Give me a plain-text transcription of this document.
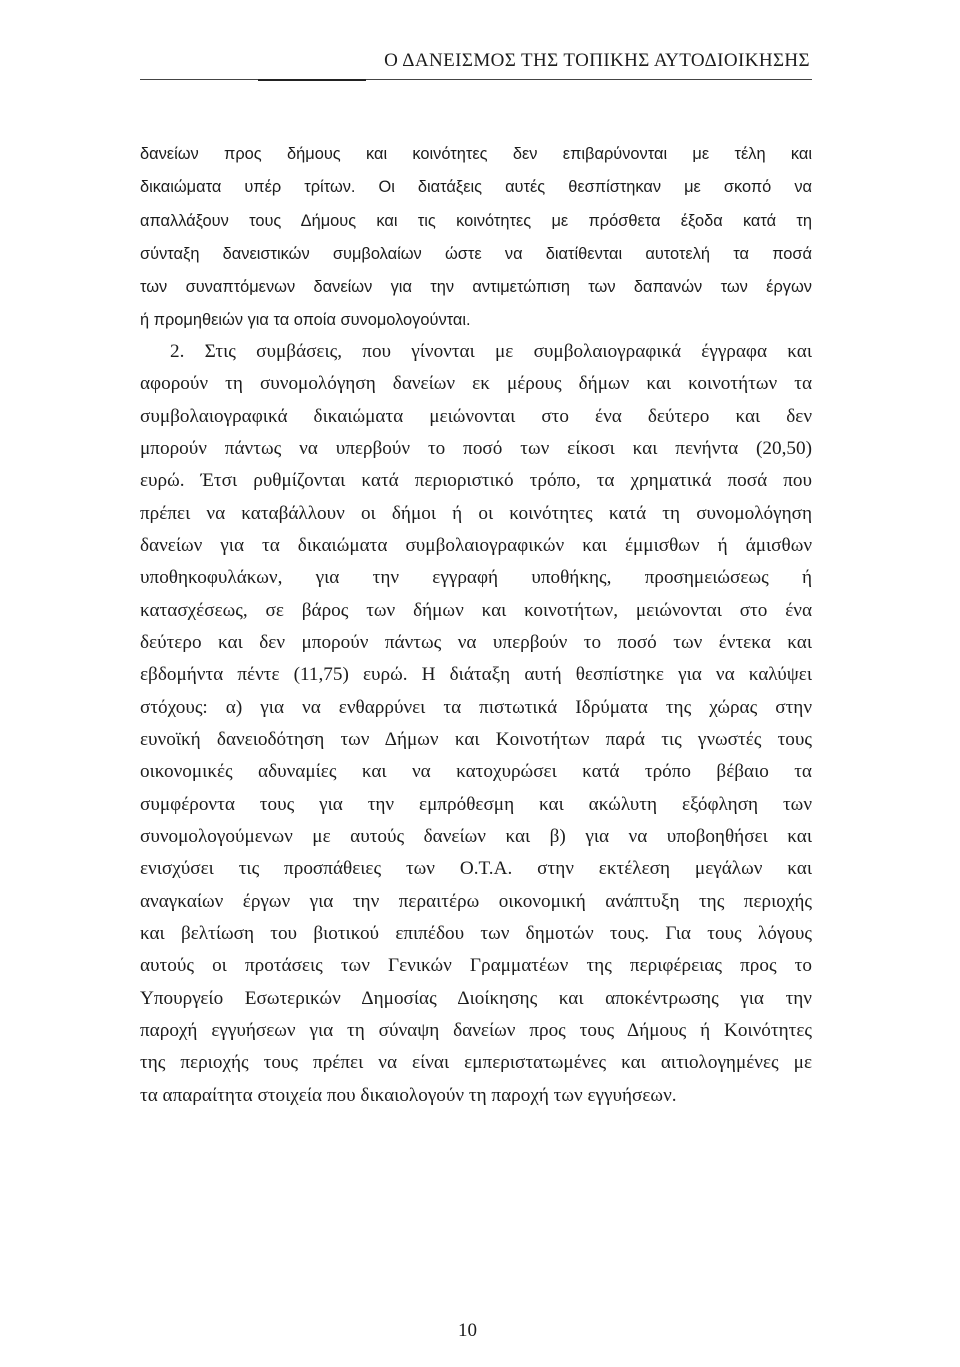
Ο ΔΑΝΕΙΣΜΟΣ ΤΗΣ ΤΟΠΙΚΗΣ ΑΥΤΟΔΙΟΙΚΗΣΗΣ
δανείων προς δήμους και κοινότητες δεν επιβαρύνονται με τέλη και
δικαιώματα υπέρ τρίτων. Οι διατάξεις αυτές θεσπίστηκαν με σκοπό να
απαλλάξουν τους Δήμους και τις κοινότητες με πρόσθετα έξοδα κατά τη
σύνταξη δανειστικών συμβολαίων ώστε να διατίθενται αυτοτελή τα ποσά
των συναπτόμενων δανείων για την αντιμετώπιση των δαπανών των έργων
ή προμηθειών για τα οποία συνομολογούνται.
2. Στις συμβάσεις, που γίνονται με συμβολαιογραφικά έγγραφα και
αφορούν τη συνομολόγηση δανείων εκ μέρους δήμων και κοινοτήτων τα
συμβολαιογραφικά δικαιώματα μειώνονται στο ένα δεύτερο και δεν
μπορούν πάντως να υπερβούν το ποσό των είκοσι και πενήντα (20,50)
ευρώ. Έτσι ρυθμίζονται κατά περιοριστικό τρόπο, τα χρηματικά ποσά που
πρέπει να καταβάλλουν οι δήμοι ή οι κοινότητες κατά τη συνομολόγηση
δανείων για τα δικαιώματα συμβολαιογραφικών και έμμισθων ή άμισθων
υποθηκοφυλάκων, για την εγγραφή υποθήκης, προσημειώσεως ή
κατασχέσεως, σε βάρος των δήμων και κοινοτήτων, μειώνονται στο ένα
δεύτερο και δεν μπορούν πάντως να υπερβούν το ποσό των έντεκα και
εβδομήντα πέντε (11,75) ευρώ. Η διάταξη αυτή θεσπίστηκε για να καλύψει
στόχους: α) για να ενθαρρύνει τα πιστωτικά Ιδρύματα της χώρας στην
ευνοϊκή δανειοδότηση των Δήμων και Κοινοτήτων παρά τις γνωστές τους
οικονομικές αδυναμίες και να κατοχυρώσει κατά τρόπο βέβαιο τα
συμφέροντα τους για την εμπρόθεσμη και ακώλυτη εξόφληση των
συνομολογούμενων με αυτούς δανείων και β) για να υποβοηθήσει και
ενισχύσει τις προσπάθειες των Ο.Τ.Α. στην εκτέλεση μεγάλων και
αναγκαίων έργων για την περαιτέρω οικονομική ανάπτυξη της περιοχής
και βελτίωση του βιοτικού επιπέδου των δημοτών τους. Για τους λόγους
αυτούς οι προτάσεις των Γενικών Γραμματέων της περιφέρειας προς το
Υπουργείο Εσωτερικών Δημοσίας Διοίκησης και αποκέντρωσης για την
παροχή εγγυήσεων για τη σύναψη δανείων προς τους Δήμους ή Κοινότητες
της περιοχής τους πρέπει να είναι εμπεριστατωμένες και αιτιολογημένες με
τα απαραίτητα στοιχεία που δικαιολογούν τη παροχή των εγγυήσεων.
10
